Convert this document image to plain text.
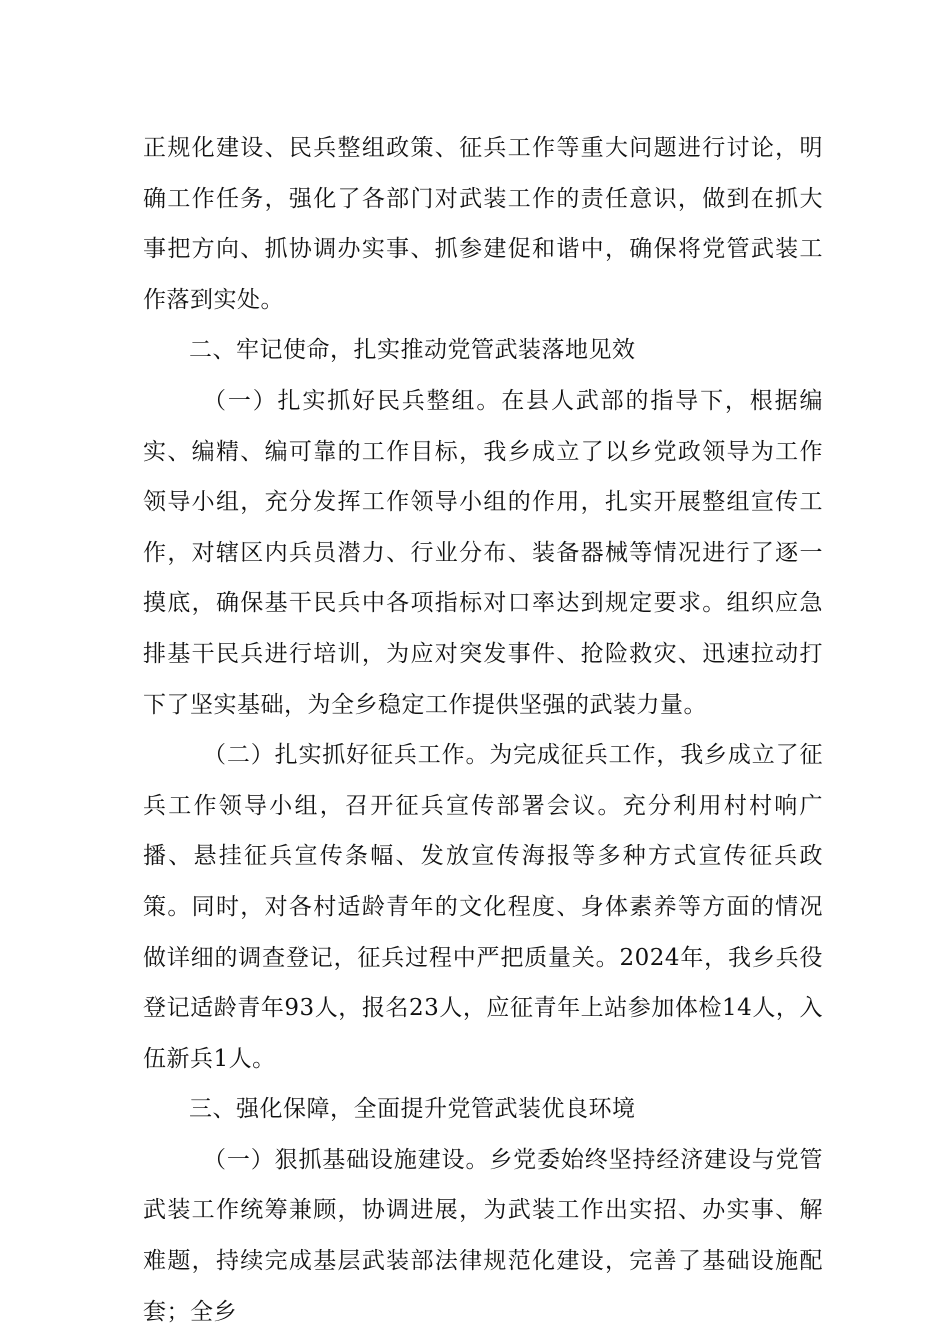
正规化建设、民兵整组政策、征兵工作等重大问题进行讨论，明确工作任务，强化了各部门对武装工作的责任意识，做到在抓大事把方向、抓协调办实事、抓参建促和谐中，确保将党管武装工作落到实处。

二、牢记使命，扎实推动党管武装落地见效

（一）扎实抓好民兵整组。在县人武部的指导下，根据编实、编精、编可靠的工作目标，我乡成立了以乡党政领导为工作领导小组，充分发挥工作领导小组的作用，扎实开展整组宣传工作，对辖区内兵员潜力、行业分布、装备器械等情况进行了逐一摸底，确保基干民兵中各项指标对口率达到规定要求。组织应急排基干民兵进行培训，为应对突发事件、抢险救灾、迅速拉动打下了坚实基础，为全乡稳定工作提供坚强的武装力量。

（二）扎实抓好征兵工作。为完成征兵工作，我乡成立了征兵工作领导小组，召开征兵宣传部署会议。充分利用村村响广播、悬挂征兵宣传条幅、发放宣传海报等多种方式宣传征兵政策。同时，对各村适龄青年的文化程度、身体素养等方面的情况做详细的调查登记，征兵过程中严把质量关。2024年，我乡兵役登记适龄青年93人，报名23人，应征青年上站参加体检14人，入伍新兵1人。

三、强化保障，全面提升党管武装优良环境

（一）狠抓基础设施建设。乡党委始终坚持经济建设与党管武装工作统筹兼顾，协调进展，为武装工作出实招、办实事、解难题，持续完成基层武装部法律规范化建设，完善了基础设施配套；全乡
